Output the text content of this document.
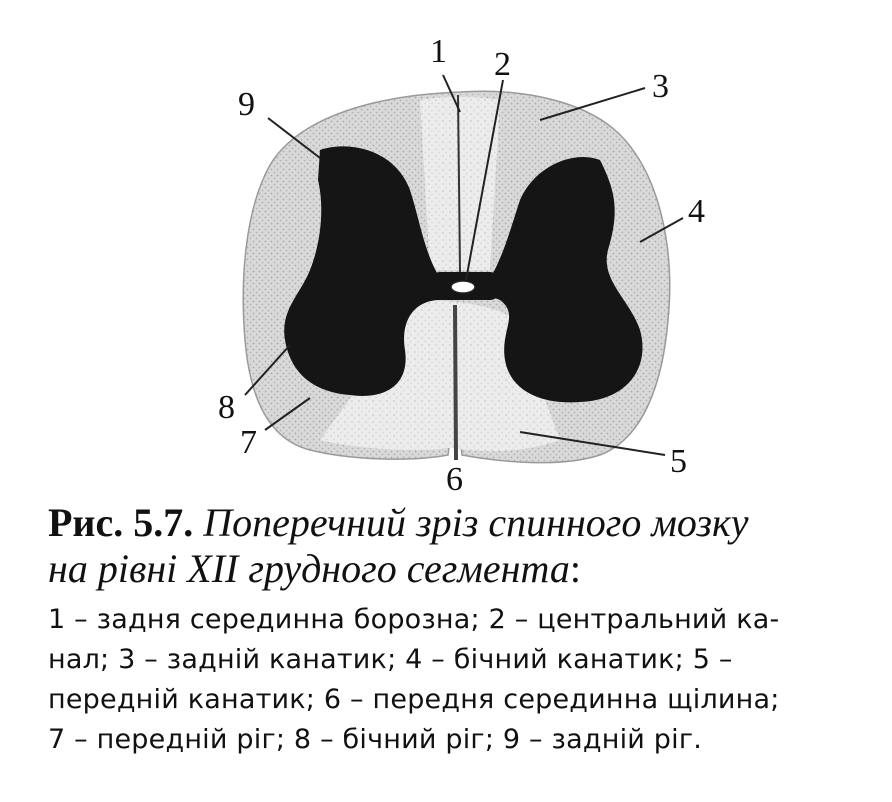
1 2
3
4
5
6
7
8
9

Рис. 5.7. Поперечний зріз спинного мозку
на рівні XII грудного сегмента:

1 – задня серединна борозна; 2 – центральний ка-
нал; 3 – задній канатик; 4 – бічний канатик; 5 –
передній канатик; 6 – передня серединна щілина;
7 – передній ріг; 8 – бічний ріг; 9 – задній ріг.
